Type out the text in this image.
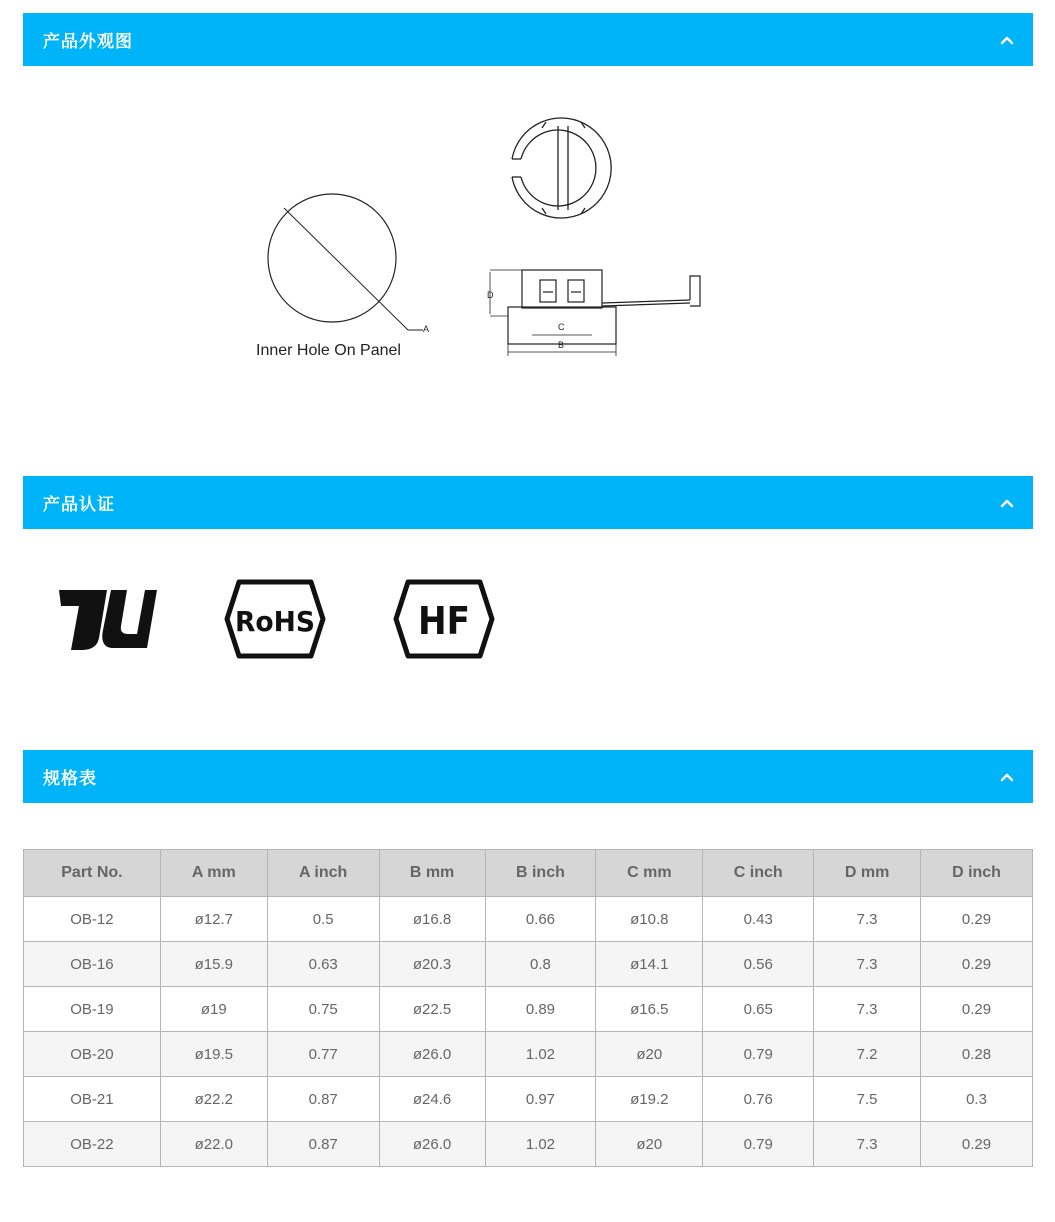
产品外观图
A
Inner Hole On Panel
D
C
B
产品认证
®
RoHS	HF
规格表
Part No.	A mm	A inch	B mm	B inch	C mm	C inch	D mm	D inch
OB-12	ø12.7	0.5	ø16.8	0.66	ø10.8	0.43	7.3	0.29
OB-16	ø15.9	0.63	ø20.3	0.8	ø14.1	0.56	7.3	0.29
OB-19	ø19	0.75	ø22.5	0.89	ø16.5	0.65	7.3	0.29
OB-20	ø19.5	0.77	ø26.0	1.02	ø20	0.79	7.2	0.28
OB-21	ø22.2	0.87	ø24.6	0.97	ø19.2	0.76	7.5	0.3
OB-22	ø22.0	0.87	ø26.0	1.02	ø20	0.79	7.3	0.29
